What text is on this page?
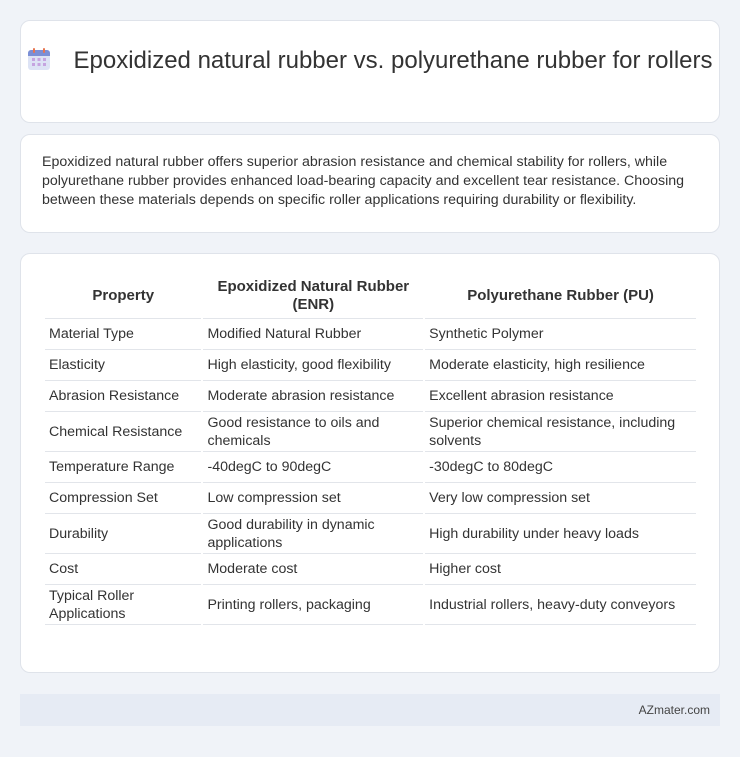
Epoxidized natural rubber vs. polyurethane rubber for rollers

Epoxidized natural rubber offers superior abrasion resistance and chemical stability for rollers, while polyurethane rubber provides enhanced load-bearing capacity and excellent tear resistance. Choosing between these materials depends on specific roller applications requiring durability or flexibility.

Property	Epoxidized Natural Rubber (ENR)	Polyurethane Rubber (PU)
Material Type	Modified Natural Rubber	Synthetic Polymer
Elasticity	High elasticity, good flexibility	Moderate elasticity, high resilience
Abrasion Resistance	Moderate abrasion resistance	Excellent abrasion resistance
Chemical Resistance	Good resistance to oils and chemicals	Superior chemical resistance, including solvents
Temperature Range	-40degC to 90degC	-30degC to 80degC
Compression Set	Low compression set	Very low compression set
Durability	Good durability in dynamic applications	High durability under heavy loads
Cost	Moderate cost	Higher cost
Typical Roller Applications	Printing rollers, packaging	Industrial rollers, heavy-duty conveyors
AZmater.com
